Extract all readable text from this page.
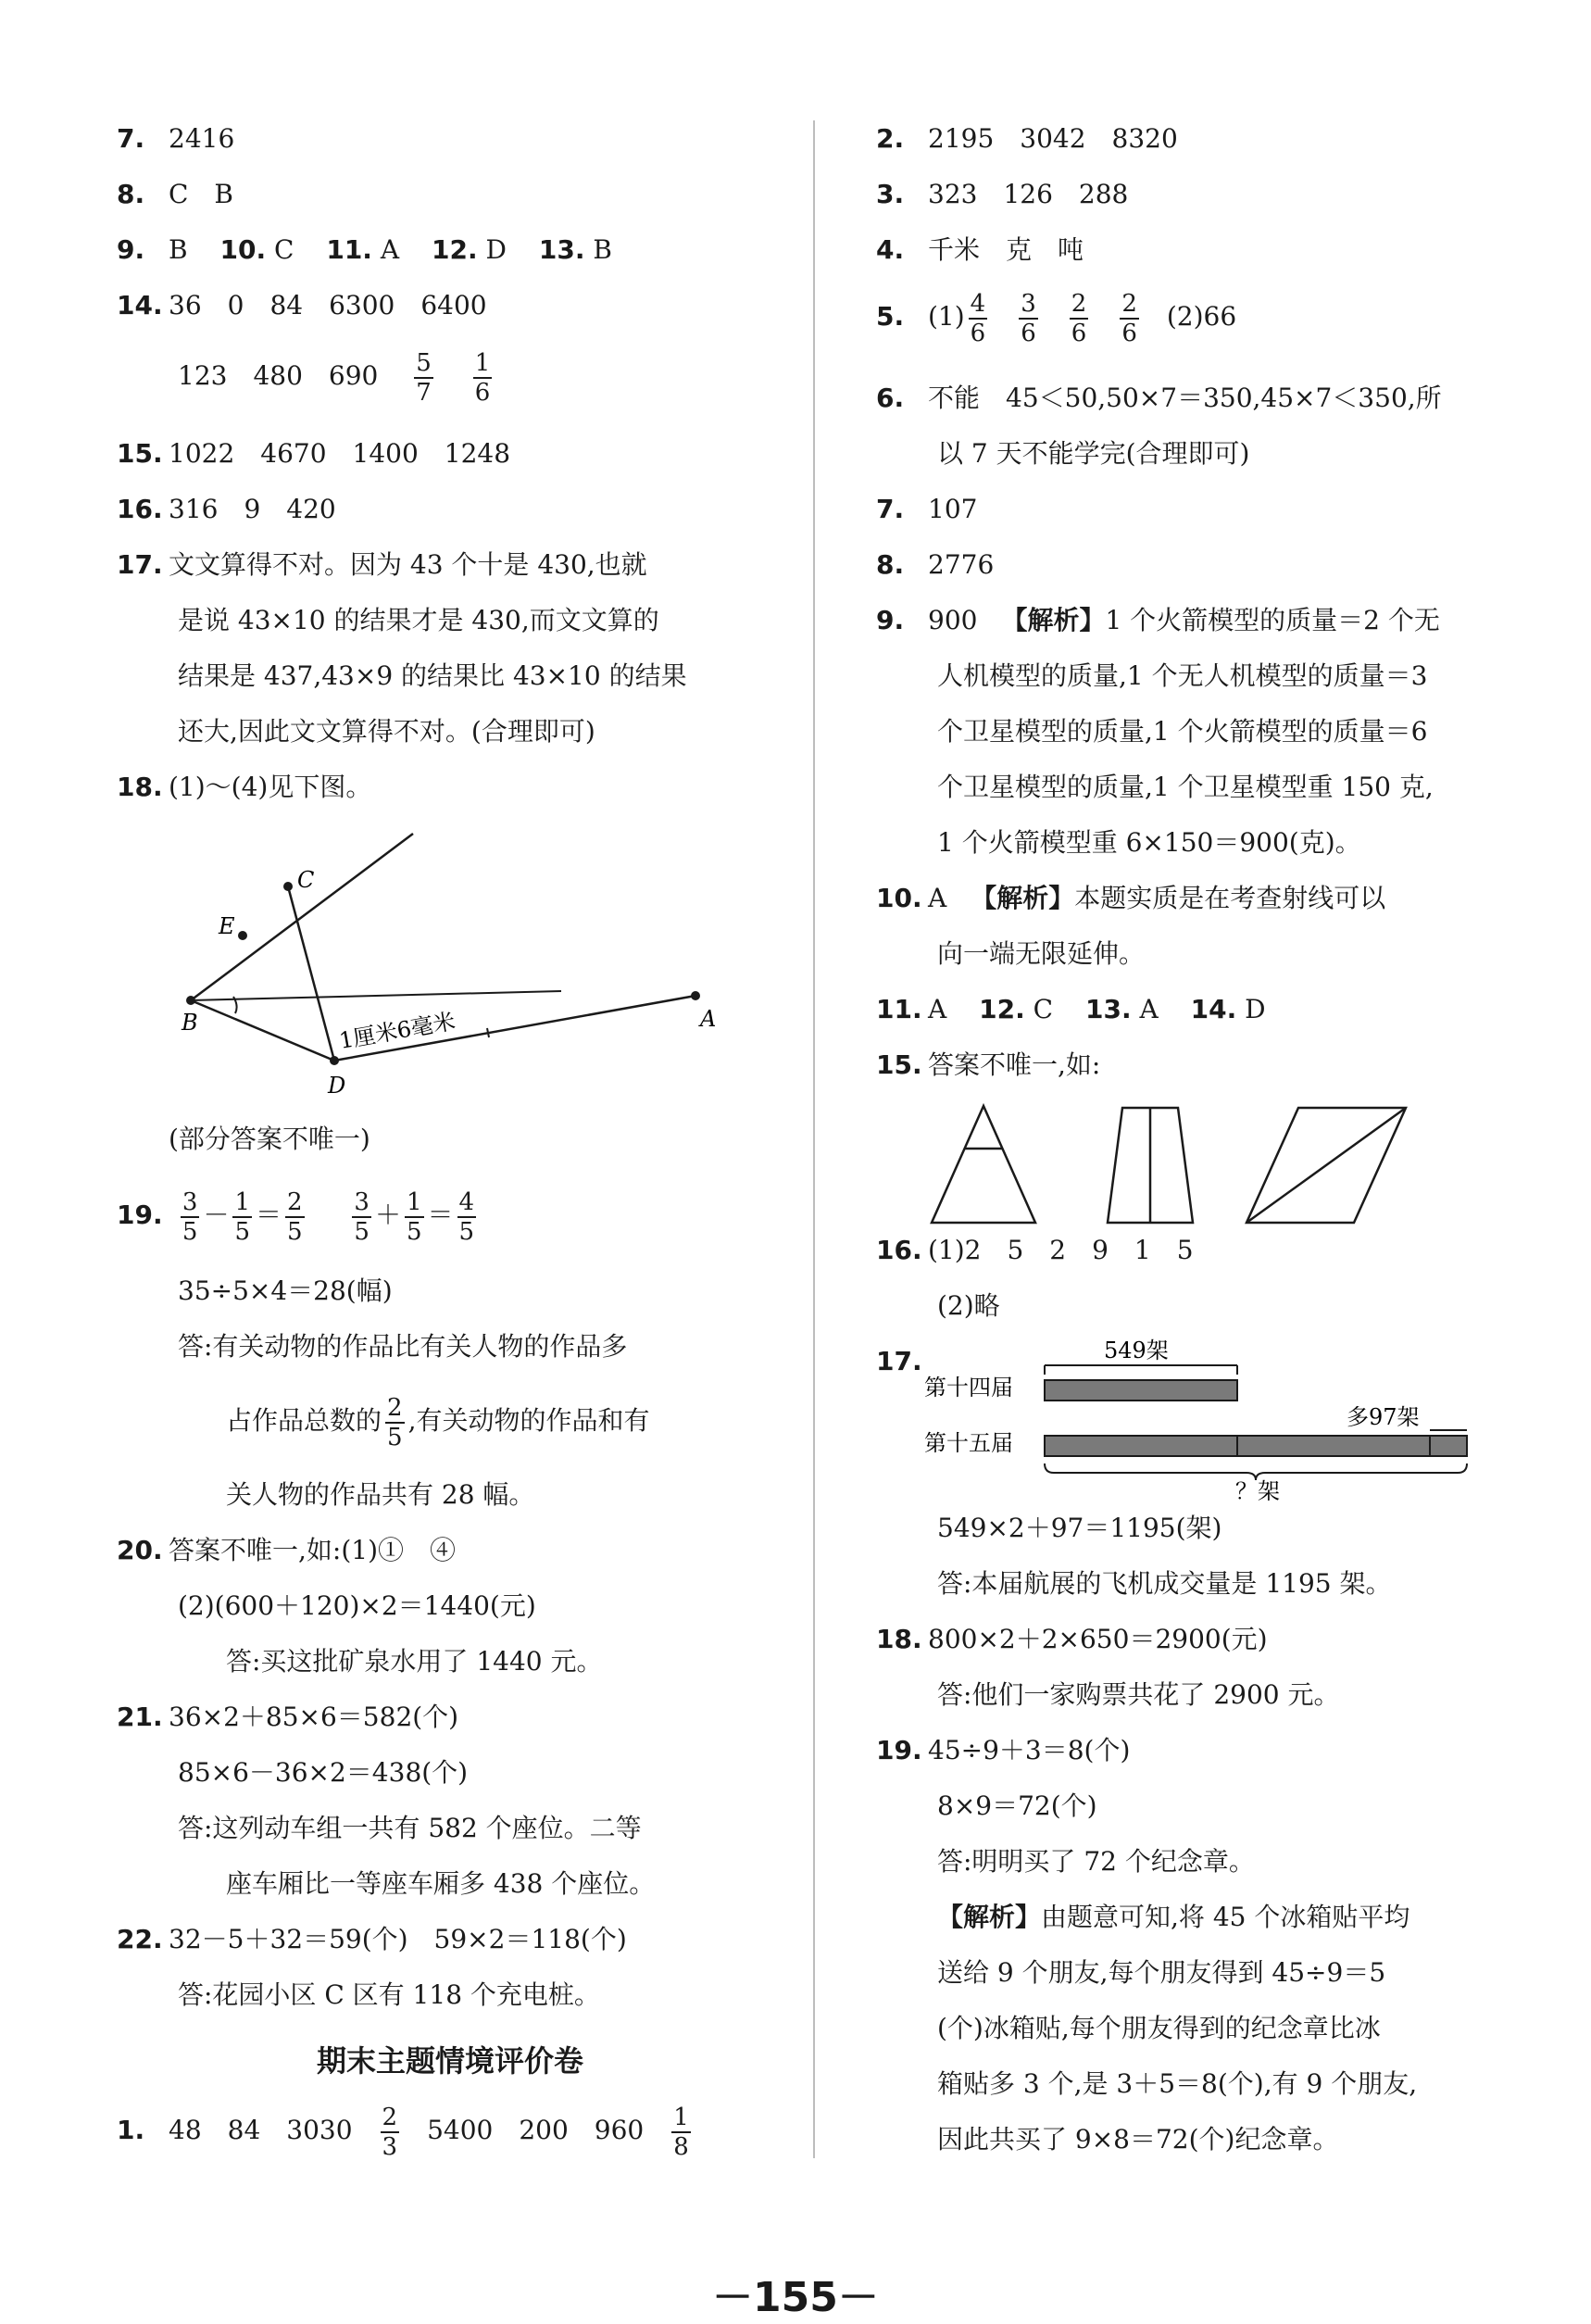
7. 2416
8. C　B
9. B 10. C 11. A 12. D 13. B
14. 36　0　84　6300　6400
123　480　$690 \frac{5}{7}$
$\frac{1}{6}$
15. 1022　4670　1400　1248
16. 316　9　420
17. 文文算得不对。因为 43 个十是 430,也就
是说 43×10 的结果才是 430,而文文算的
结果是 437,43×9 的结果比 43×10 的结果
还大,因此文文算得不对。(合理即可)
18. (1)～(4)见下图。
C
E
B
D
A
1厘米6毫米
(部分答案不唯一)
19. $\frac{3}{5} - \frac{1}{5} = \frac{2}{5}$
$\frac{3}{5} + \frac{1}{5} = \frac{4}{5}$
35÷5×4＝28(幅)
答:有关动物的作品比有关人物的作品多
占作品总数的 $\frac{2}{5}$ ,有关动物的作品和有
关人物的作品共有 28 幅。
20. 答案不唯一,如:(1)①　④
(2)(600＋120)×2＝1440(元)
答:买这批矿泉水用了 1440 元。
21. 36×2＋85×6＝582(个)
85×6－36×2＝438(个)
答:这列动车组一共有 582 个座位。二等
座车厢比一等座车厢多 438 个座位。
22. 32－5＋32＝59(个)　59×2＝118(个)
答:花园小区 C 区有 118 个充电桩。
期末主题情境评价卷
1. 48　84　$3030 \frac{2}{3} 5400$　200　$960 \frac{1}{8}$
2. 2195　3042　8320
3. 323　126　288
4. 千米　克　吨
5. $(1) \frac{4}{6} \frac{3}{6} \frac{2}{6} \frac{2}{6} (2)66$
6. 不能　45＜50,50×7＝350,45×7＜350,所
以 7 天不能学完(合理即可)
7. 107
8. 2776
9. 900 【解析】1 个火箭模型的质量＝2 个无
人机模型的质量,1 个无人机模型的质量＝3
个卫星模型的质量,1 个火箭模型的质量＝6
个卫星模型的质量,1 个卫星模型重 150 克,
1 个火箭模型重 6×150＝900(克)。
10. A 【解析】本题实质是在考查射线可以
向一端无限延伸。
11. A 12. C 13. A 14. D
15. 答案不唯一,如:
16. (1)2　5　2　9　1　5
(2)略
17.	549架
第十四届
第十五届
多97架
？架
549×2＋97＝1195(架)
答:本届航展的飞机成交量是 1195 架。
18. 800×2＋2×650＝2900(元)
答:他们一家购票共花了 2900 元。
19. 45÷9＋3＝8(个)
8×9＝72(个)
答:明明买了 72 个纪念章。
【解析】由题意可知,将 45 个冰箱贴平均
送给 9 个朋友,每个朋友得到 45÷9＝5
(个)冰箱贴,每个朋友得到的纪念章比冰
箱贴多 3 个,是 3＋5＝8(个),有 9 个朋友,
因此共买了 9×8＝72(个)纪念章。
－155－
